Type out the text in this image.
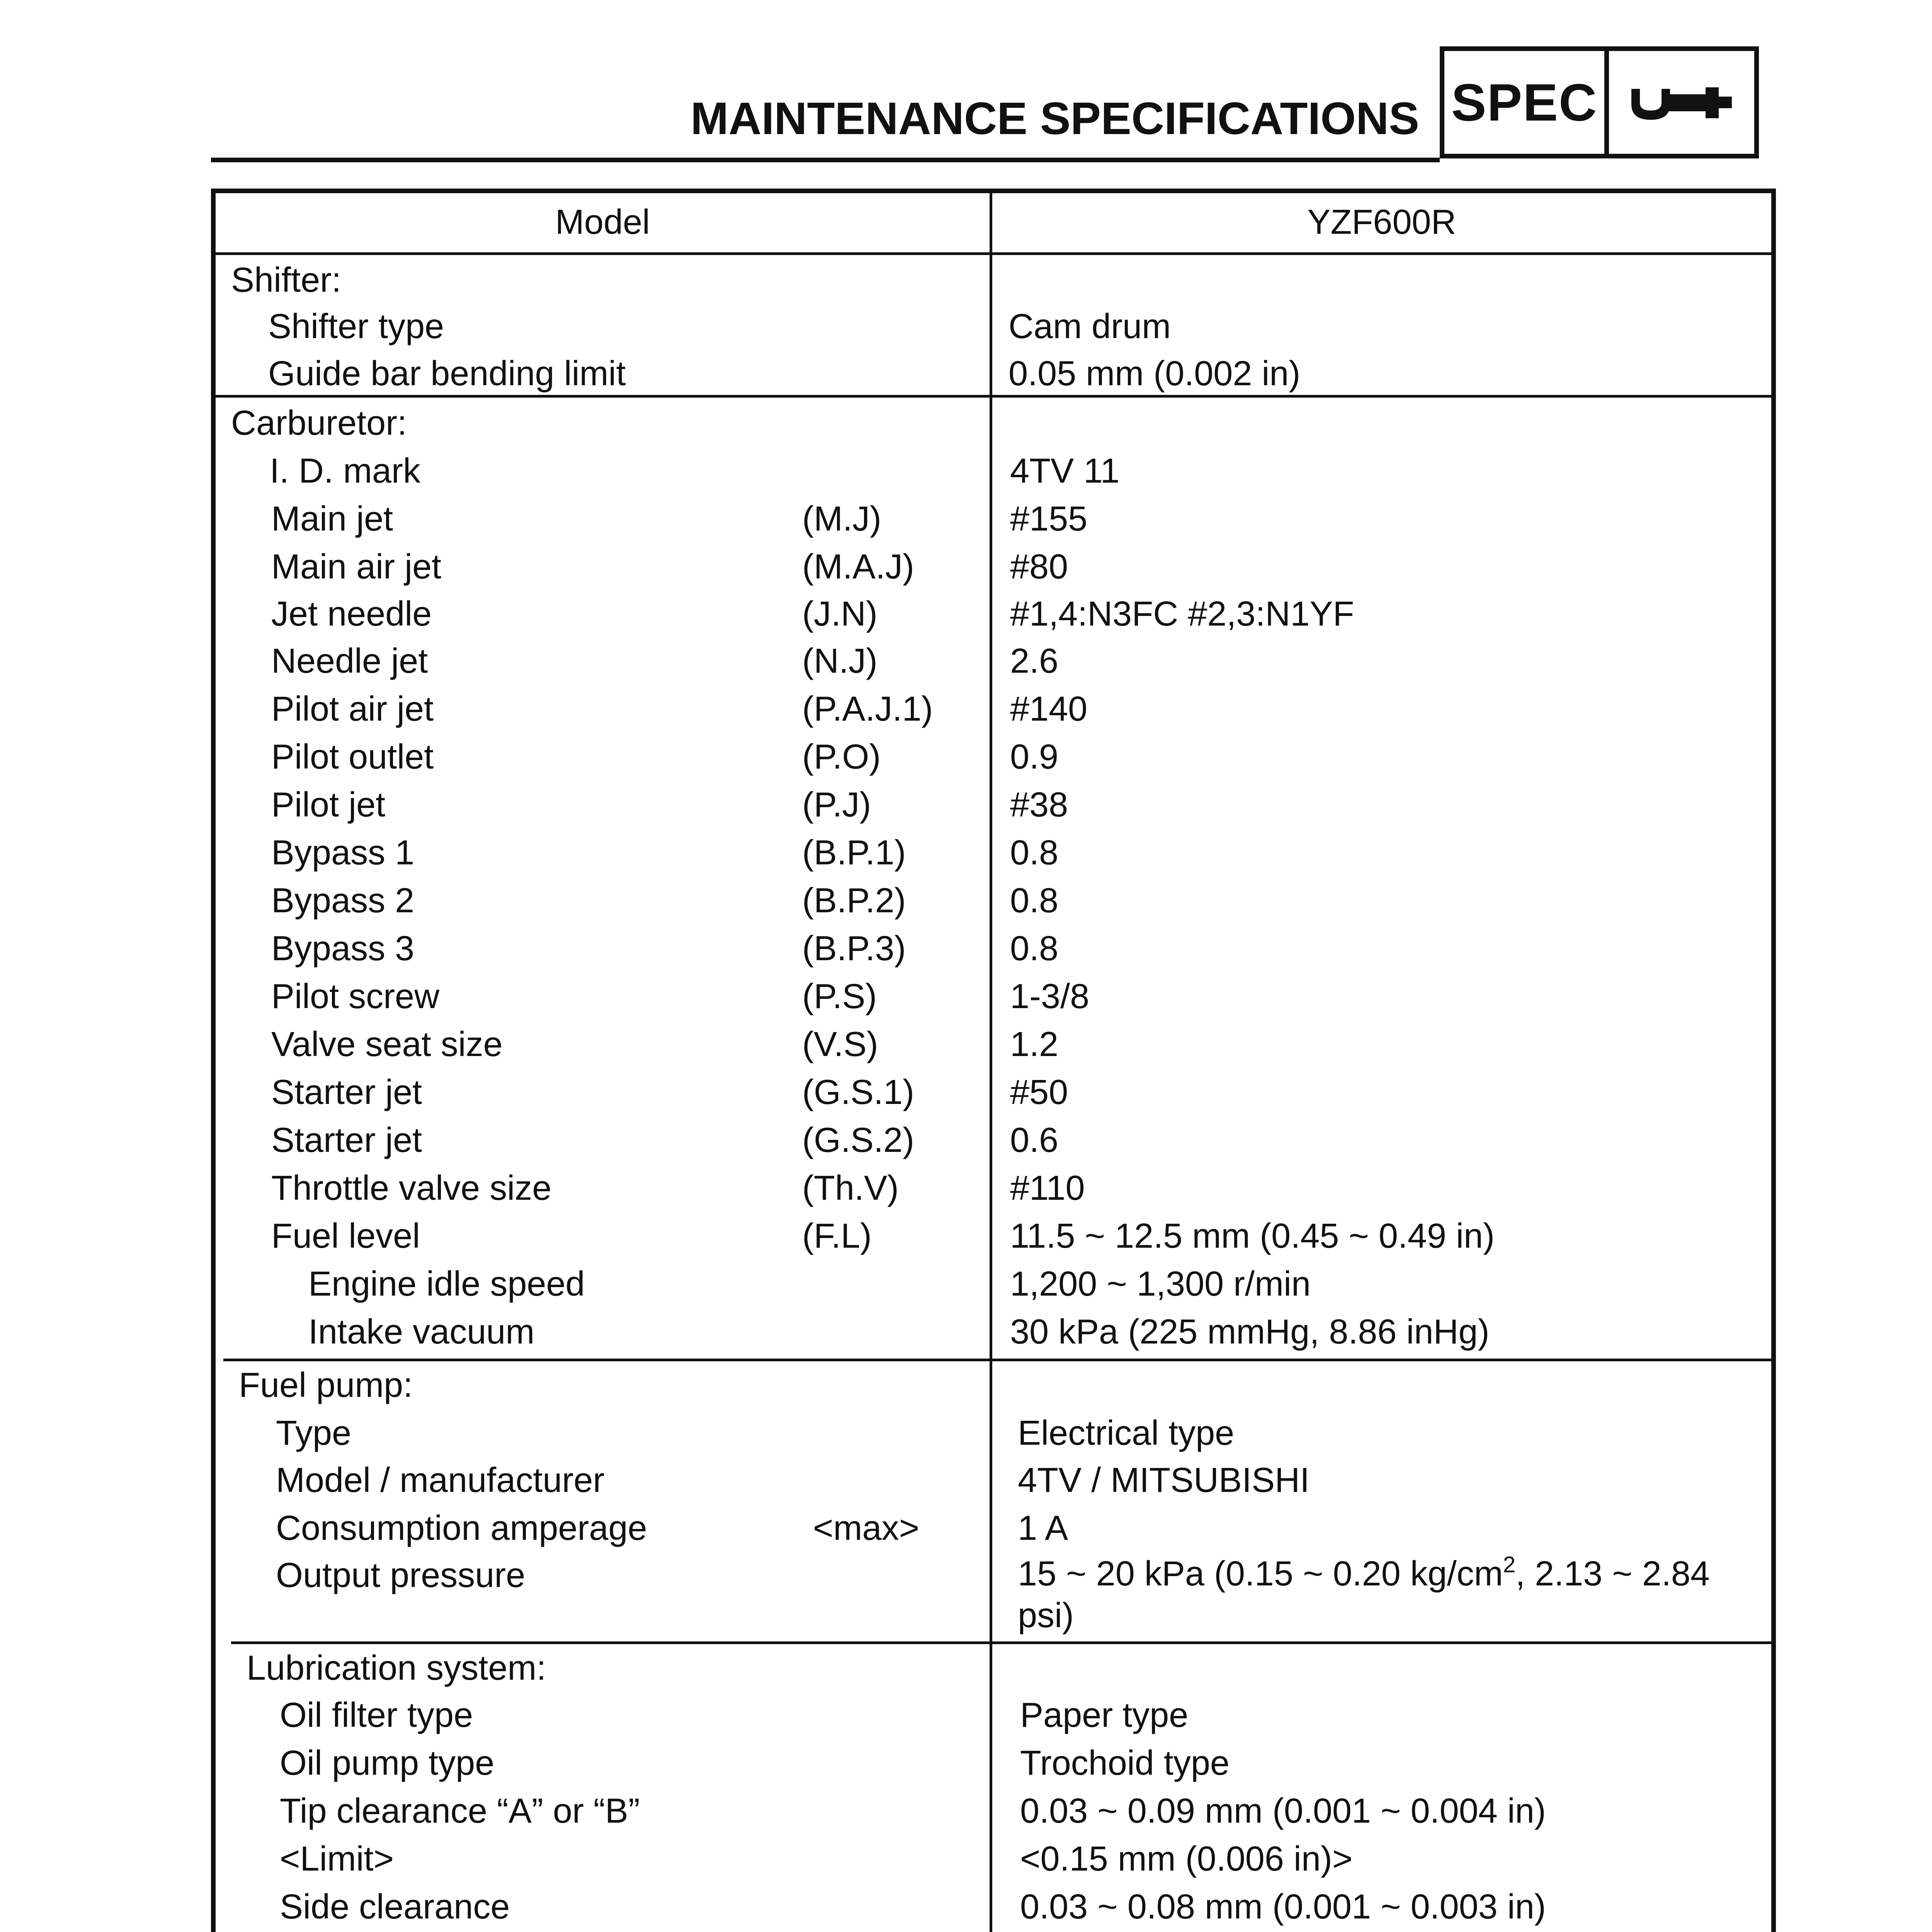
MAINTENANCE SPECIFICATIONS SPEC
Model	YZF600R
Shifter:
Shifter type	Cam drum
Guide bar bending limit	0.05 mm (0.002 in)
Carburetor:
I. D. mark	4TV 11
Main jet	(M.J)	#155
Main air jet	(M.A.J)	#80
Jet needle	(J.N)	#1,4:N3FC #2,3:N1YF
Needle jet	(N.J)	2.6
Pilot air jet	(P.A.J.1) #140
Pilot outlet	(P.O)	0.9
Pilot jet	(P.J)	#38
Bypass 1	(B.P.1)	0.8
Bypass 2	(B.P.2)	0.8
Bypass 3	(B.P.3)	0.8
Pilot screw	(P.S)	1-3/8
Valve seat size	(V.S)	1.2
Starter jet	(G.S.1)	#50
Starter jet	(G.S.2)	0.6
Throttle valve size	(Th.V)	#110
Fuel level	(F.L)	11.5 ~ 12.5 mm (0.45 ~ 0.49 in)
Engine idle speed	1,200 ~ 1,300 r/min
Intake vacuum	30 kPa (225 mmHg, 8.86 inHg)
Fuel pump:
Type	Electrical type
Model / manufacturer	4TV / MITSUBISHI
Consumption amperage	<max>	1 A
Output pressure	15 ~ 20 kPa (0.15 ~ 0.20 $kg/cm^2$, 2.13 ~ 2.84
psi)
Lubrication system:
Oil filter type	Paper type
Oil pump type	Trochoid type
Tip clearance “A” or “B”	0.03 ~ 0.09 mm (0.001 ~ 0.004 in)
<Limit>	<0.15 mm (0.006 in)>
Side clearance	0.03 ~ 0.08 mm (0.001 ~ 0.003 in)
